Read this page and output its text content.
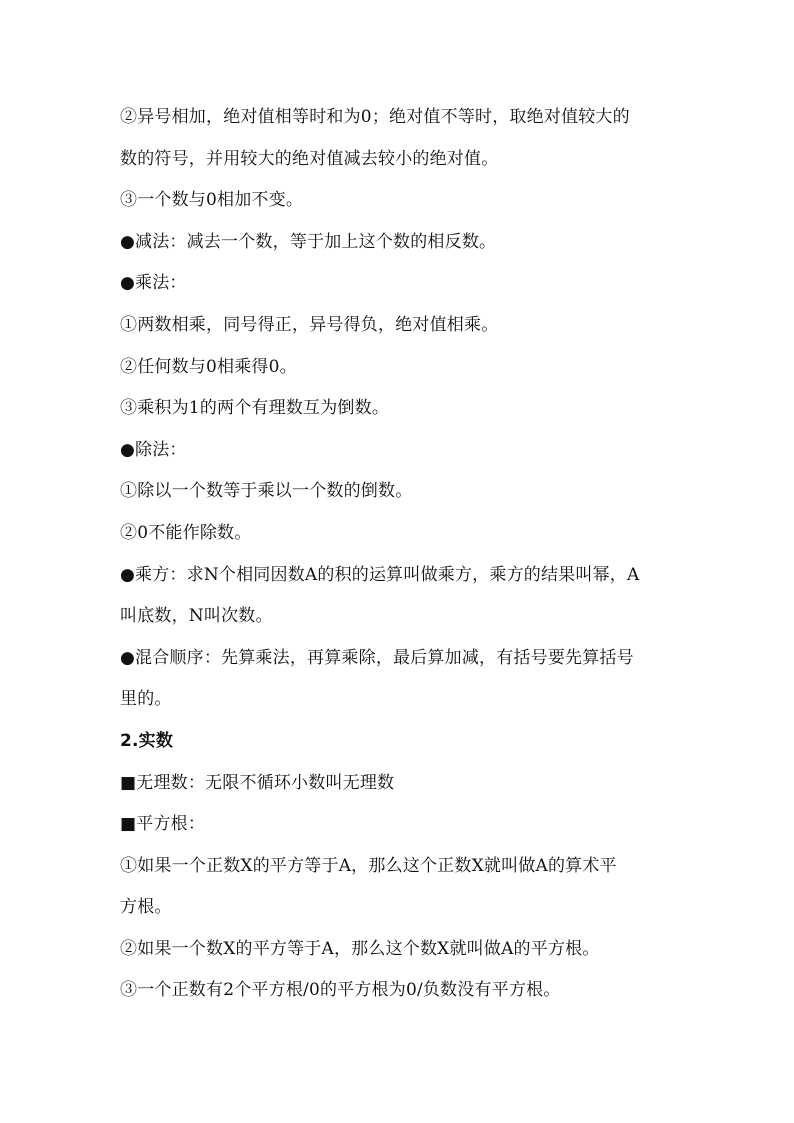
②异号相加，绝对值相等时和为0；绝对值不等时，取绝对值较大的
数的符号，并用较大的绝对值减去较小的绝对值。
③一个数与0相加不变。
●减法：减去一个数，等于加上这个数的相反数。
●乘法：
①两数相乘，同号得正，异号得负，绝对值相乘。
②任何数与0相乘得0。
③乘积为1的两个有理数互为倒数。
●除法：
①除以一个数等于乘以一个数的倒数。
②0不能作除数。
●乘方：求N个相同因数A的积的运算叫做乘方，乘方的结果叫幂，A
叫底数，N叫次数。
●混合顺序：先算乘法，再算乘除，最后算加减，有括号要先算括号
里的。
2.实数
■无理数：无限不循环小数叫无理数
■平方根：
①如果一个正数X的平方等于A，那么这个正数X就叫做A的算术平
方根。
②如果一个数X的平方等于A，那么这个数X就叫做A的平方根。
③一个正数有2个平方根/0的平方根为0/负数没有平方根。
